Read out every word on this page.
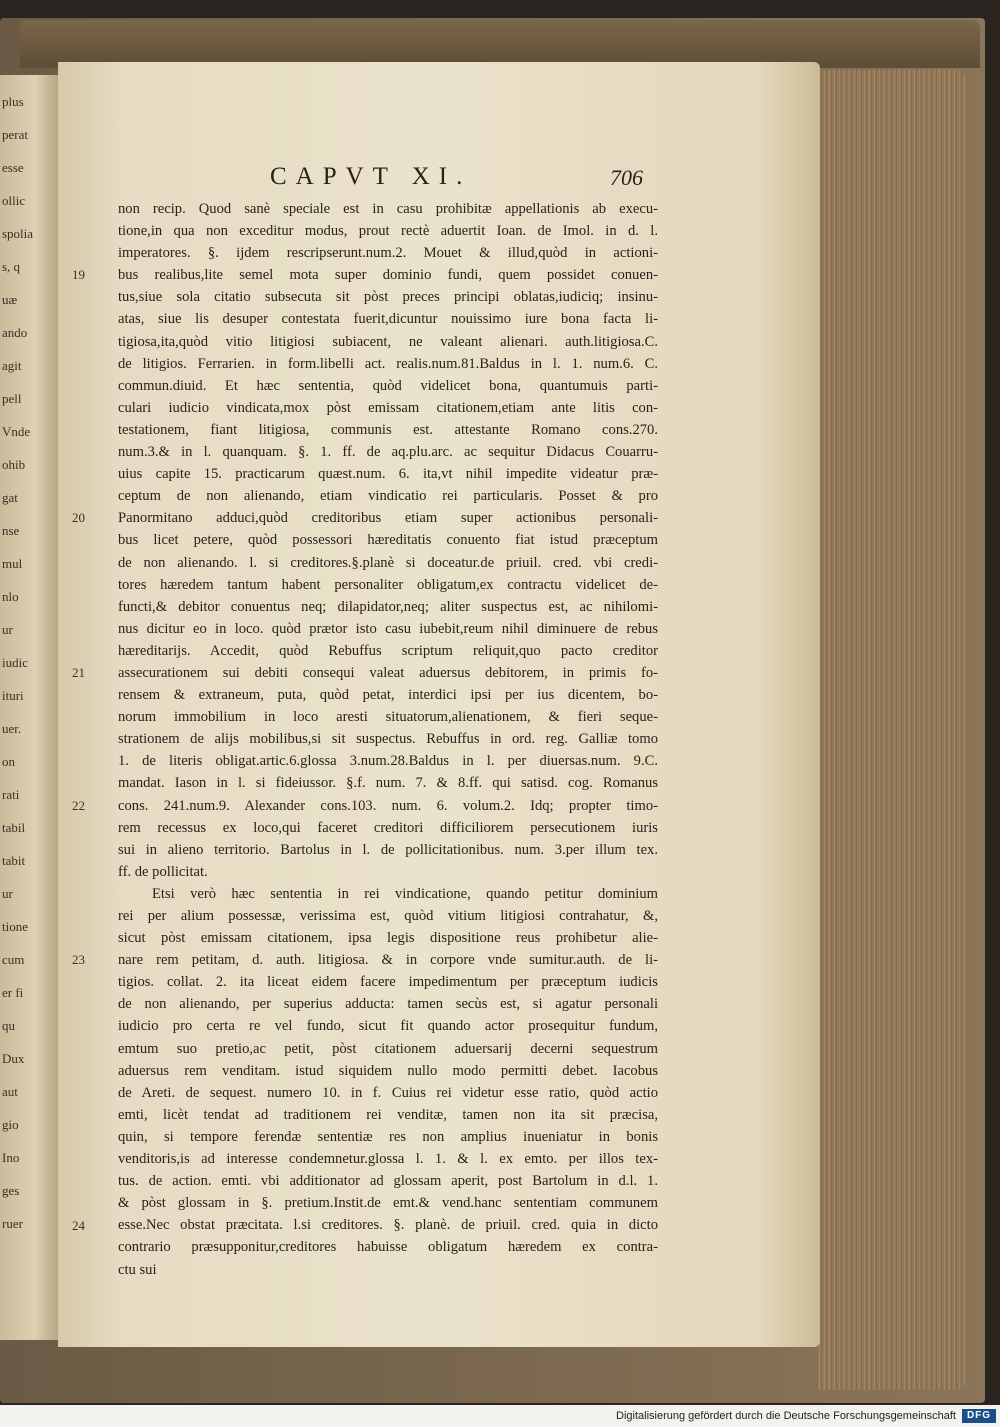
plus
perat
esse
ollic
spolia
s, q
uæ
ando
agit
pell
Vnde
ohib
gat
nse
mul
nlo
ur
iudic
ituri
uer.
on
rati
tabil
tabit
ur
tione
cum
er fi
qu
Dux
aut
gio
Ino
ges
ruer
CAPVT XI.	706
non recip. Quod sanè speciale est in casu prohibitæ appellationis ab execu-
tione,in qua non exceditur modus, prout rectè aduertit Ioan. de Imol. in d. l.
imperatores. §. ijdem rescripserunt.num.2. Mouet & illud,quòd in actioni-
bus realibus,lite semel mota super dominio fundi, quem possidet conuen-
tus,siue sola citatio subsecuta sit pòst preces principi oblatas,iudiciq; insinu-
atas, siue lis desuper contestata fuerit,dicuntur nouissimo iure bona facta li-
tigiosa,ita,quòd vitio litigiosi subiacent, ne valeant alienari. auth.litigiosa.C.
de litigios. Ferrarien. in form.libelli act. realis.num.81.Baldus in l. 1. num.6. C.
commun.diuid. Et hæc sententia, quòd videlicet bona, quantumuis parti-
culari iudicio vindicata,mox pòst emissam citationem,etiam ante litis con-
testationem, fiant litigiosa, communis est. attestante Romano cons.270.
num.3.& in l. quanquam. §. 1. ff. de aq.plu.arc. ac sequitur Didacus Couarru-
uius capite 15. practicarum quæst.num. 6. ita,vt nihil impedite videatur præ-
ceptum de non alienando, etiam vindicatio rei particularis. Posset & pro
Panormitano adduci,quòd creditoribus etiam super actionibus personali-
bus licet petere, quòd possessori hæreditatis conuento fiat istud præceptum
de non alienando. l. si creditores.§.planè si doceatur.de priuil. cred. vbi credi-
tores hæredem tantum habent personaliter obligatum,ex contractu videlicet de-
functi,& debitor conuentus neq; dilapidator,neq; aliter suspectus est, ac nihilomi-
nus dicitur eo in loco. quòd prætor isto casu iubebit,reum nihil diminuere de rebus
hæreditarijs. Accedit, quòd Rebuffus scriptum reliquit,quo pacto creditor
assecurationem sui debiti consequi valeat aduersus debitorem, in primis fo-
rensem & extraneum, puta, quòd petat, interdici ipsi per ius dicentem, bo-
norum immobilium in loco aresti situatorum,alienationem, & fieri seque-
strationem de alijs mobilibus,si sit suspectus. Rebuffus in ord. reg. Galliæ tomo
1. de literis obligat.artic.6.glossa 3.num.28.Baldus in l. per diuersas.num. 9.C.
mandat. Iason in l. si fideiussor. §.f. num. 7. & 8.ff. qui satisd. cog. Romanus
cons. 241.num.9. Alexander cons.103. num. 6. volum.2. Idq; propter timo-
rem recessus ex loco,qui faceret creditori difficiliorem persecutionem iuris
sui in alieno territorio. Bartolus in l. de pollicitationibus. num. 3.per illum tex.
ff. de pollicitat.
Etsi verò hæc sententia in rei vindicatione, quando petitur dominium
rei per alium possessæ, verissima est, quòd vitium litigiosi contrahatur, &,
sicut pòst emissam citationem, ipsa legis dispositione reus prohibetur alie-
nare rem petitam, d. auth. litigiosa. & in corpore vnde sumitur.auth. de li-
tigios. collat. 2. ita liceat eidem facere impedimentum per præceptum iudicis
de non alienando, per superius adducta: tamen secùs est, si agatur personali
iudicio pro certa re vel fundo, sicut fit quando actor prosequitur fundum,
emtum suo pretio,ac petit, pòst citationem aduersarij decerni sequestrum
aduersus rem venditam. istud siquidem nullo modo permitti debet. Iacobus
de Areti. de sequest. numero 10. in f. Cuius rei videtur esse ratio, quòd actio
emti, licèt tendat ad traditionem rei venditæ, tamen non ita sit præcisa,
quin, si tempore ferendæ sententiæ res non amplius inueniatur in bonis
venditoris,is ad interesse condemnetur.glossa l. 1. & l. ex emto. per illos tex-
tus. de action. emti. vbi additionator ad glossam aperit, post Bartolum in d.l. 1.
& pòst glossam in §. pretium.Instit.de emt.& vend.hanc sententiam communem
esse.Nec obstat præcitata. l.si creditores. §. planè. de priuil. cred. quia in dicto
contrario præsupponitur,creditores habuisse obligatum hæredem ex contra-
ctu sui
19
20
21
22
23
24
Digitalisierung gefördert durch die Deutsche Forschungsgemeinschaft	DFG
